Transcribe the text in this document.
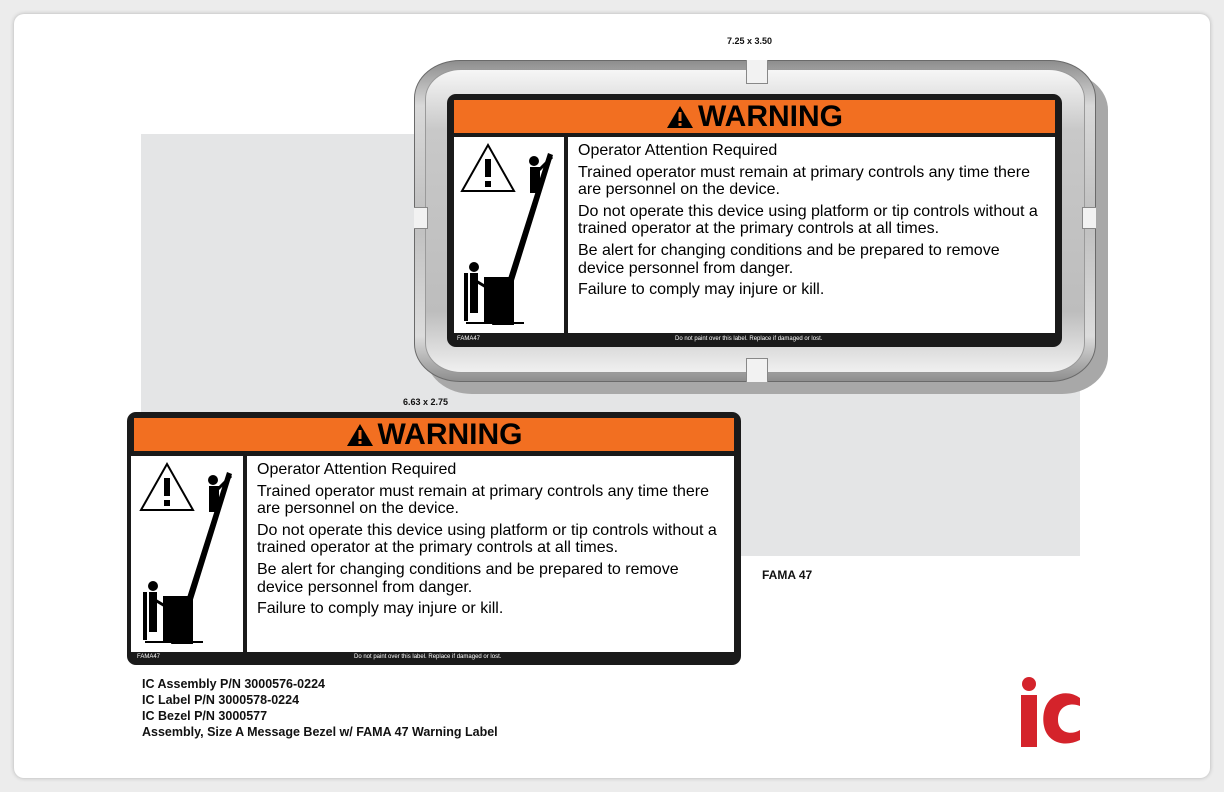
7.25 x 3.50
WARNING

Operator Attention Required

Trained operator must remain at primary controls any time there are personnel on the device.

Do not operate this device using platform or tip controls without a trained operator at the primary controls at all times.

Be alert for changing conditions and be prepared to remove device personnel from danger.

Failure to comply may injure or kill.

FAMA47	Do not paint over this label. Replace if damaged or lost.
6.63 x 2.75
WARNING

Operator Attention Required

Trained operator must remain at primary controls any time there are personnel on the device.

Do not operate this device using platform or tip controls without a trained operator at the primary controls at all times.

Be alert for changing conditions and be prepared to remove device personnel from danger.

Failure to comply may injure or kill.

FAMA47	Do not paint over this label. Replace if damaged or lost.
FAMA 47
IC Assembly P/N 3000576-0224
IC Label P/N 3000578-0224
IC Bezel P/N 3000577
Assembly, Size A Message Bezel w/ FAMA 47 Warning Label
